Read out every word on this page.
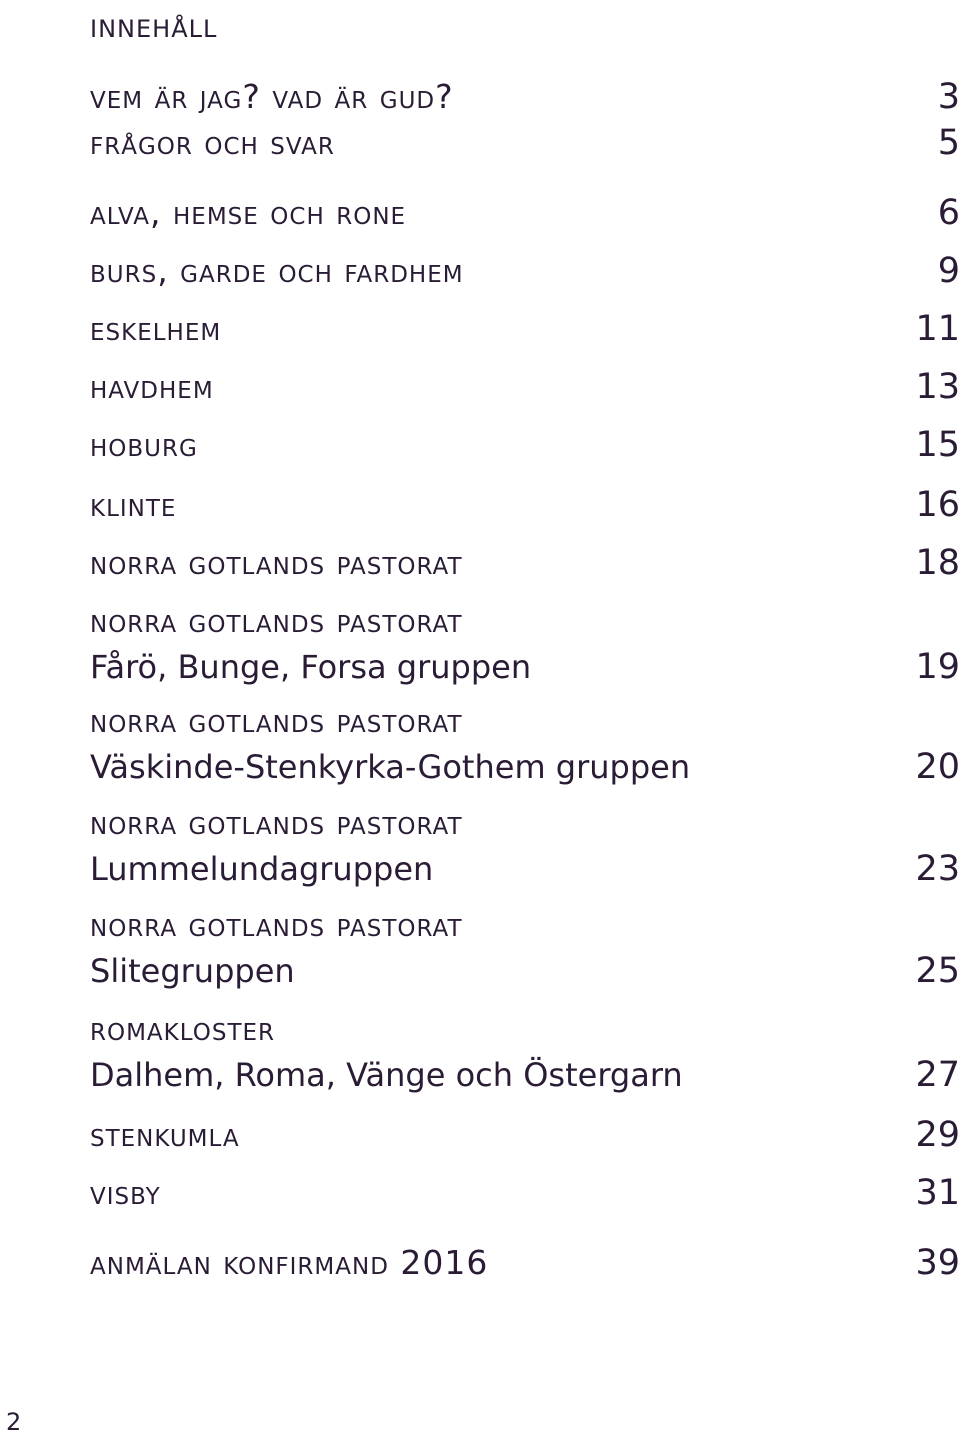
innehåll
vem är jag? vad är gud?	3
frågor och svar	5
alva, hemse och rone	6
burs, garde och fardhem	9
eskelhem	11
havdhem	13
hoburg	15
klinte	16
norra gotlands pastorat	18
norra gotlands pastorat
Fårö, Bunge, Forsa gruppen	19
norra gotlands pastorat
Väskinde-Stenkyrka-Gothem gruppen	20
norra gotlands pastorat
Lummelundagruppen	23
norra gotlands pastorat
Slitegruppen	25
romakloster
Dalhem, Roma, Vänge och Östergarn	27
stenkumla	29
visby	31
anmälan konfirmand 2016	39
2
